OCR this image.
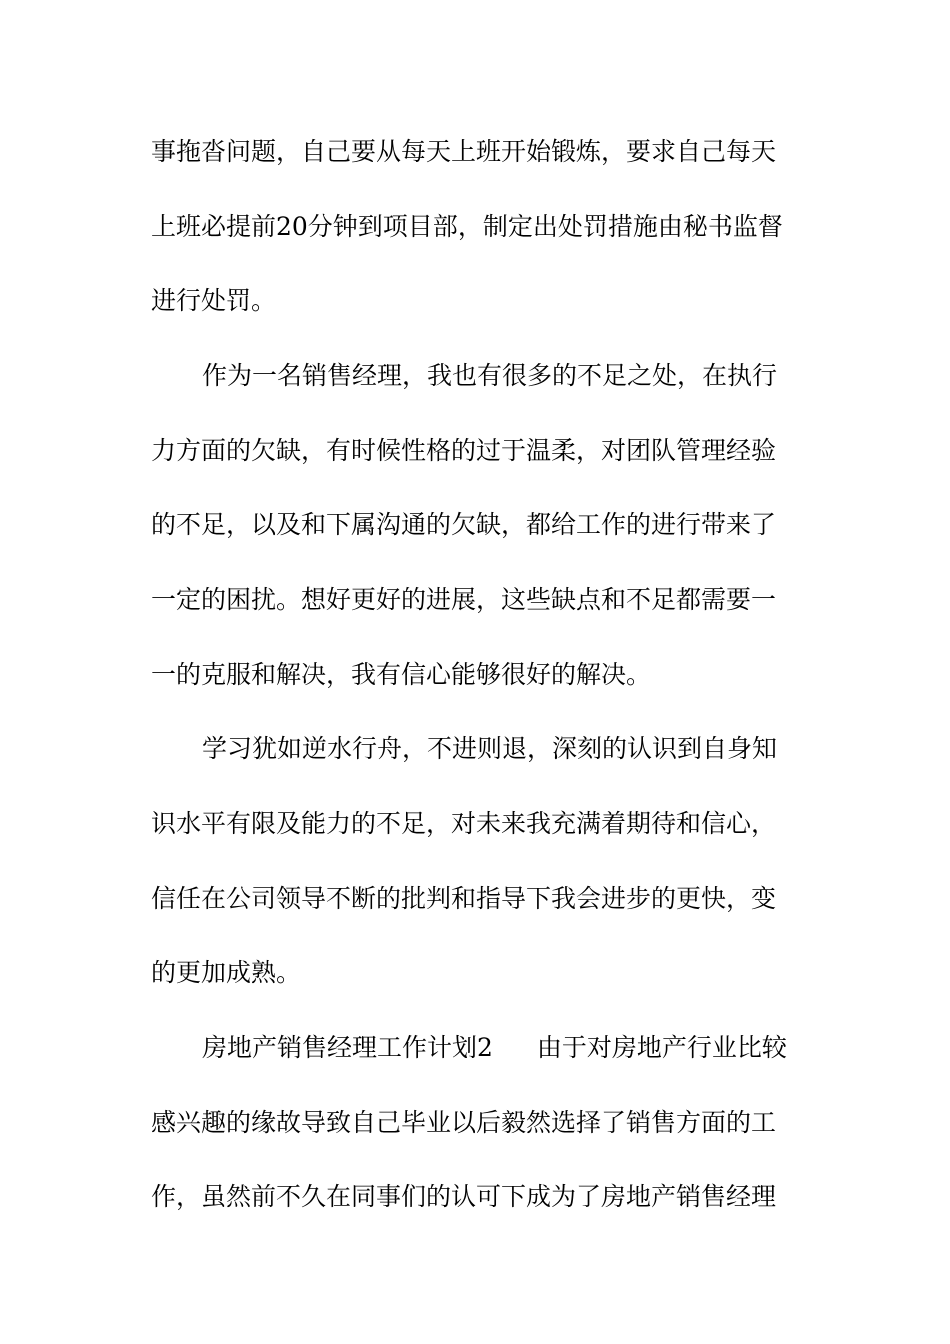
事拖沓问题，自己要从每天上班开始锻炼，要求自己每天
上班必提前20分钟到项目部，制定出处罚措施由秘书监督
进行处罚。
作为一名销售经理，我也有很多的不足之处，在执行
力方面的欠缺，有时候性格的过于温柔，对团队管理经验
的不足，以及和下属沟通的欠缺，都给工作的进行带来了
一定的困扰。想好更好的进展，这些缺点和不足都需要一
一的克服和解决，我有信心能够很好的解决。
学习犹如逆水行舟，不进则退，深刻的认识到自身知
识水平有限及能力的不足，对未来我充满着期待和信心，
信任在公司领导不断的批判和指导下我会进步的更快，变
的更加成熟。
房地产销售经理工作计划2 由于对房地产行业比较
感兴趣的缘故导致自己毕业以后毅然选择了销售方面的工
作，虽然前不久在同事们的认可下成为了房地产销售经理
